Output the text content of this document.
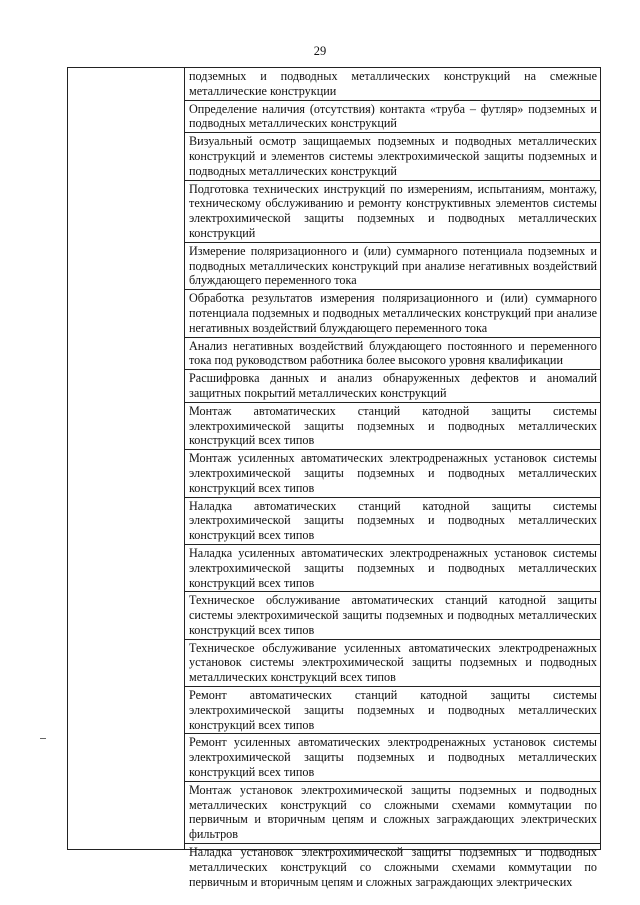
29
подземных и подводных металлических конструкций на смежные металлические конструкции
Определение наличия (отсутствия) контакта «труба – футляр» подземных и подводных металлических конструкций
Визуальный осмотр защищаемых подземных и подводных металлических конструкций и элементов системы электрохимической защиты подземных и подводных металлических конструкций
Подготовка технических инструкций по измерениям, испытаниям, монтажу, техническому обслуживанию и ремонту конструктивных элементов системы электрохимической защиты подземных и подводных металлических конструкций
Измерение поляризационного и (или) суммарного потенциала подземных и подводных металлических конструкций при анализе негативных воздействий блуждающего переменного тока
Обработка результатов измерения поляризационного и (или) суммарного потенциала подземных и подводных металлических конструкций при анализе негативных воздействий блуждающего переменного тока
Анализ негативных воздействий блуждающего постоянного и переменного тока под руководством работника более высокого уровня квалификации
Расшифровка данных и анализ обнаруженных дефектов и аномалий защитных покрытий металлических конструкций
Монтаж автоматических станций катодной защиты системы электрохимической защиты подземных и подводных металлических конструкций всех типов
Монтаж усиленных автоматических электродренажных установок системы электрохимической защиты подземных и подводных металлических конструкций всех типов
Наладка автоматических станций катодной защиты системы электрохимической защиты подземных и подводных металлических конструкций всех типов
Наладка усиленных автоматических электродренажных установок системы электрохимической защиты подземных и подводных металлических конструкций всех типов
Техническое обслуживание автоматических станций катодной защиты системы электрохимической защиты подземных и подводных металлических конструкций всех типов
Техническое обслуживание усиленных автоматических электродренажных установок системы электрохимической защиты подземных и подводных металлических конструкций всех типов
Ремонт автоматических станций катодной защиты системы электрохимической защиты подземных и подводных металлических конструкций всех типов
Ремонт усиленных автоматических электродренажных установок системы электрохимической защиты подземных и подводных металлических конструкций всех типов
Монтаж установок электрохимической защиты подземных и подводных металлических конструкций со сложными схемами коммутации по первичным и вторичным цепям и сложных заграждающих электрических фильтров
Наладка установок электрохимической защиты подземных и подводных металлических конструкций со сложными схемами коммутации по первичным и вторичным цепям и сложных заграждающих электрических
